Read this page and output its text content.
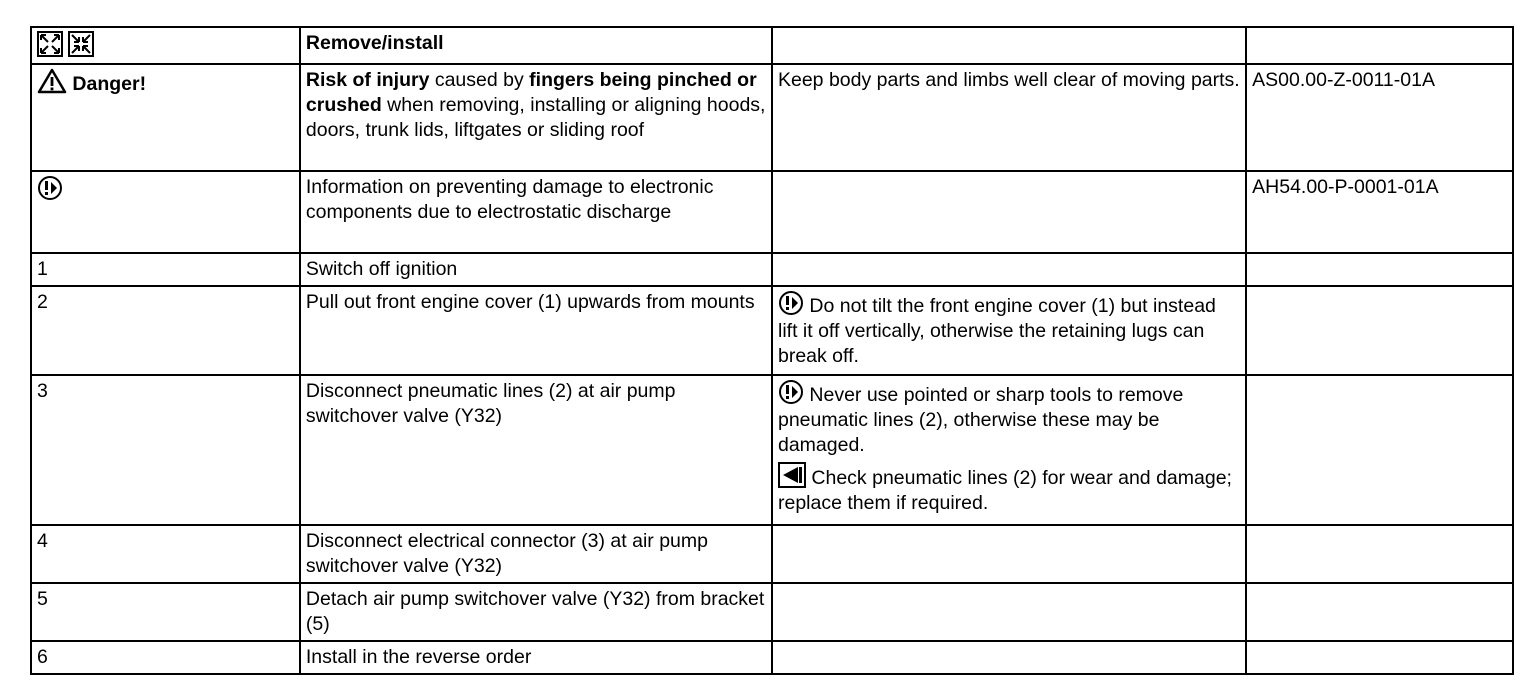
	Remove/install		
Danger!	Risk of injury caused by fingers being pinched or crushed when removing, installing or aligning hoods, doors, trunk lids, liftgates or sliding roof	Keep body parts and limbs well clear of moving parts.	AS00.00-Z-0011-01A
	Information on preventing damage to electronic components due to electrostatic discharge		AH54.00-P-0001-01A
1	Switch off ignition		
2	Pull out front engine cover (1) upwards from mounts	Do not tilt the front engine cover (1) but instead lift it off vertically, otherwise the retaining lugs can break off.	
3	Disconnect pneumatic lines (2) at air pump switchover valve (Y32)	Never use pointed or sharp tools to remove pneumatic lines (2), otherwise these may be damaged.
Check pneumatic lines (2) for wear and damage; replace them if required.	

4	Disconnect electrical connector (3) at air pump switchover valve (Y32)		
5	Detach air pump switchover valve (Y32) from bracket (5)		
6	Install in the reverse order		
